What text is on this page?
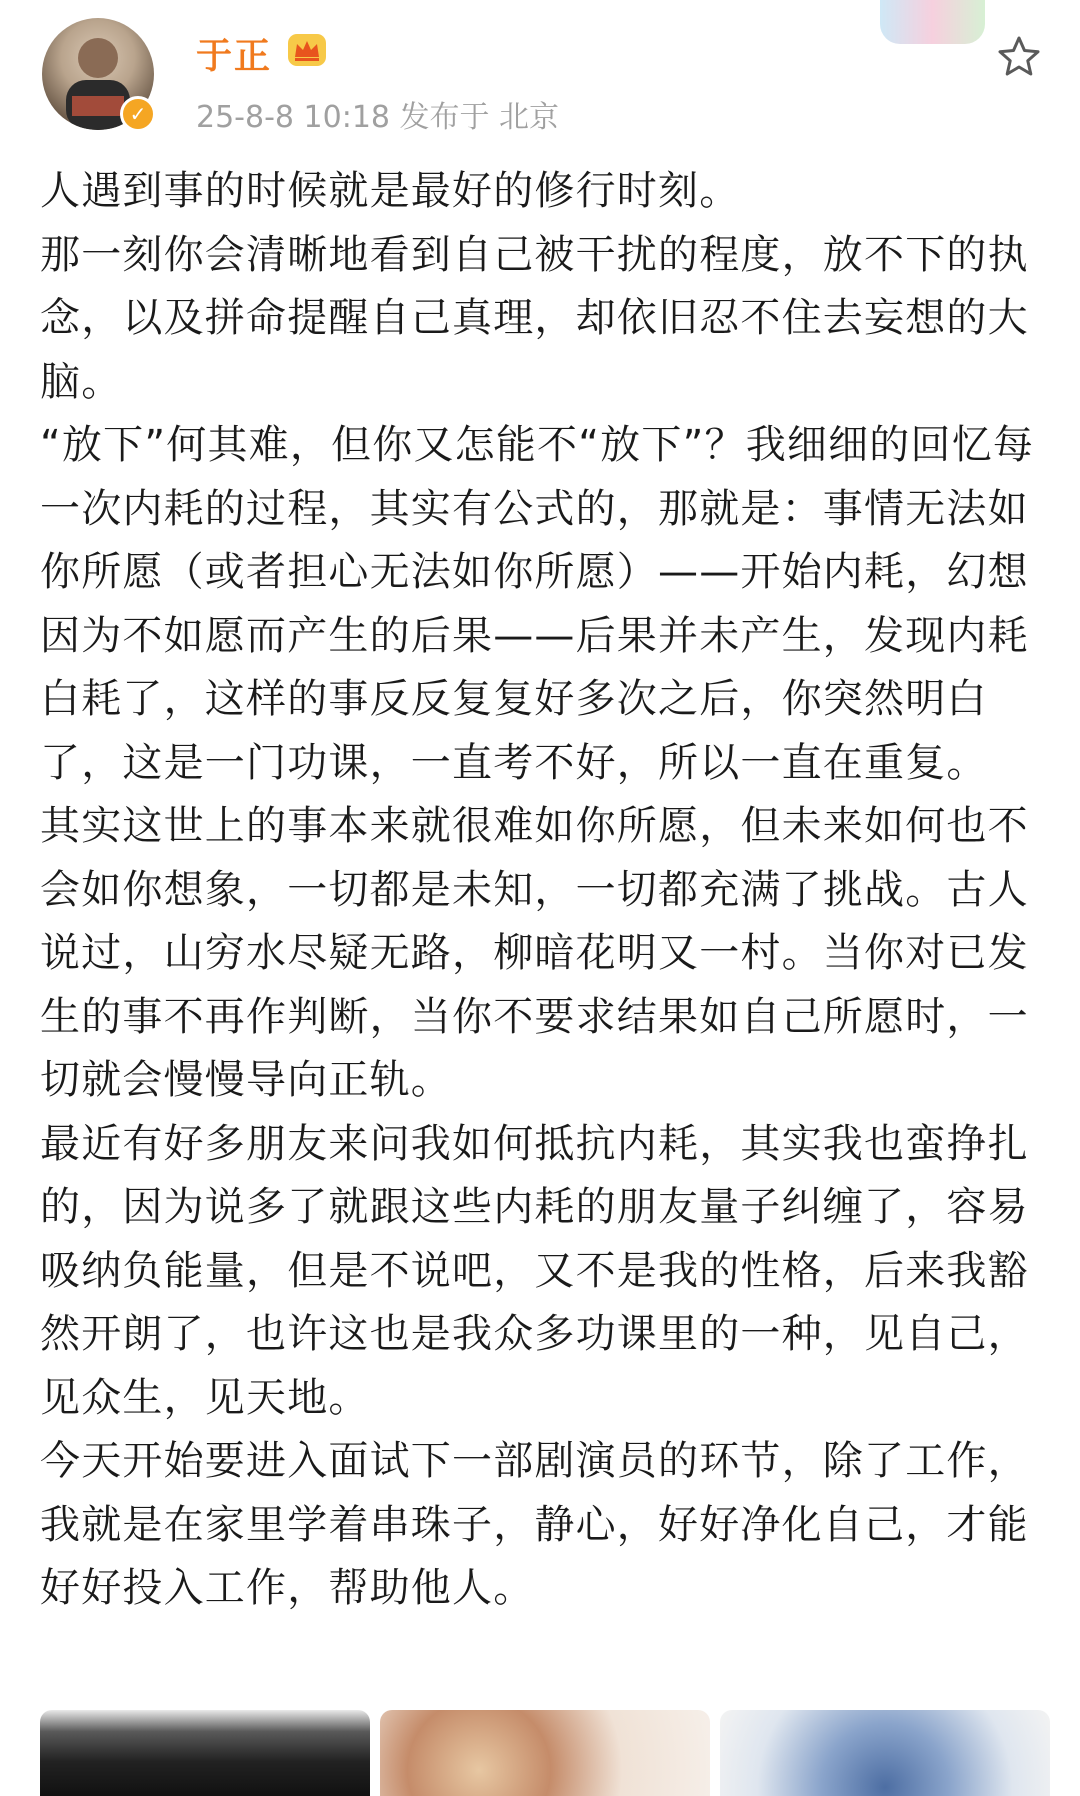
✓
于正
25-8-8 10:18 发布于 北京

人遇到事的时候就是最好的修行时刻。

那一刻你会清晰地看到自己被干扰的程度，放不下的执念，以及拼命提醒自己真理，却依旧忍不住去妄想的大脑。

“放下”何其难，但你又怎能不“放下”？我细细的回忆每一次内耗的过程，其实有公式的，那就是：事情无法如你所愿（或者担心无法如你所愿）——开始内耗，幻想因为不如愿而产生的后果——后果并未产生，发现内耗白耗了，这样的事反反复复好多次之后，你突然明白了，这是一门功课，一直考不好，所以一直在重复。

其实这世上的事本来就很难如你所愿，但未来如何也不会如你想象，一切都是未知，一切都充满了挑战。古人说过，山穷水尽疑无路，柳暗花明又一村。当你对已发生的事不再作判断，当你不要求结果如自己所愿时，一切就会慢慢导向正轨。

最近有好多朋友来问我如何抵抗内耗，其实我也蛮挣扎的，因为说多了就跟这些内耗的朋友量子纠缠了，容易吸纳负能量，但是不说吧，又不是我的性格，后来我豁然开朗了，也许这也是我众多功课里的一种，见自己，见众生，见天地。

今天开始要进入面试下一部剧演员的环节，除了工作，我就是在家里学着串珠子，静心，好好净化自己，才能好好投入工作，帮助他人。
